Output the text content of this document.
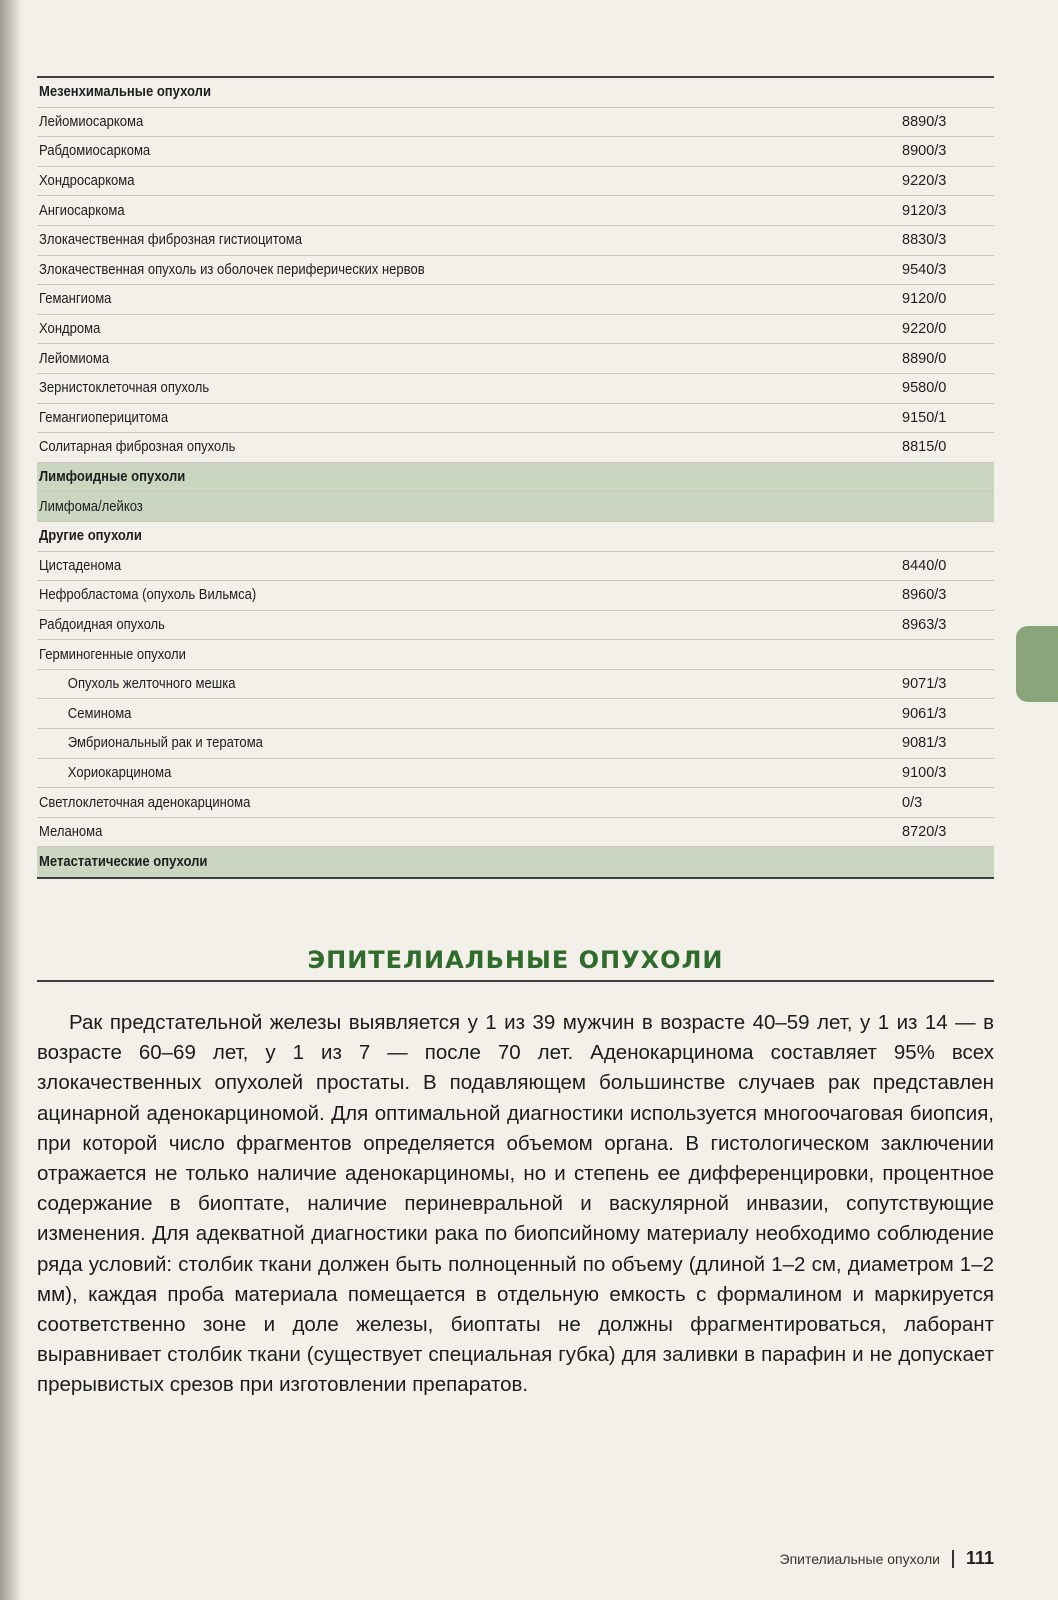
Мезенхимальные опухоли
Лейомиосаркома	8890/3
Рабдомиосаркома	8900/3
Хондросаркома	9220/3
Ангиосаркома	9120/3
Злокачественная фиброзная гистиоцитома	8830/3
Злокачественная опухоль из оболочек периферических нервов	9540/3
Гемангиома	9120/0
Хондрома	9220/0
Лейомиома	8890/0
Зернистоклеточная опухоль	9580/0
Гемангиоперицитома	9150/1
Солитарная фиброзная опухоль	8815/0
Лимфоидные опухоли
Лимфома/лейкоз
Другие опухоли
Цистаденома	8440/0
Нефробластома (опухоль Вильмса)	8960/3
Рабдоидная опухоль	8963/3
Герминогенные опухоли
Опухоль желточного мешка	9071/3
Семинома	9061/3
Эмбриональный рак и тератома	9081/3
Хориокарцинома	9100/3
Светлоклеточная аденокарцинома	0/3
Меланома	8720/3
Метастатические опухоли
ЭПИТЕЛИАЛЬНЫЕ ОПУХОЛИ

Рак предстательной железы выявляется у 1 из 39 мужчин в возрасте 40–59 лет, у 1 из 14 — в возрасте 60–69 лет, у 1 из 7 — после 70 лет. Аденокарцинома составляет 95% всех злокачественных опухолей простаты. В подавляющем большинстве случаев рак представлен ацинарной аденокарциномой. Для оптимальной диагностики используется многоочаговая биопсия, при которой число фрагментов определяется объемом органа. В гистологическом заключении отражается не только наличие аденокарциномы, но и степень ее дифференцировки, процентное содержание в биоптате, наличие периневральной и васкулярной инвазии, сопутствующие изменения. Для адекватной диагностики рака по биопсийному материалу необходимо соблюдение ряда условий: столбик ткани должен быть полноценный по объему (длиной 1–2 см, диаметром 1–2 мм), каждая проба материала помещается в отдельную емкость с формалином и маркируется соответственно зоне и доле железы, биоптаты не должны фрагментироваться, лаборант выравнивает столбик ткани (существует специальная губка) для заливки в парафин и не допускает прерывистых срезов при изготовлении препаратов.

Эпителиальные опухоли 111
